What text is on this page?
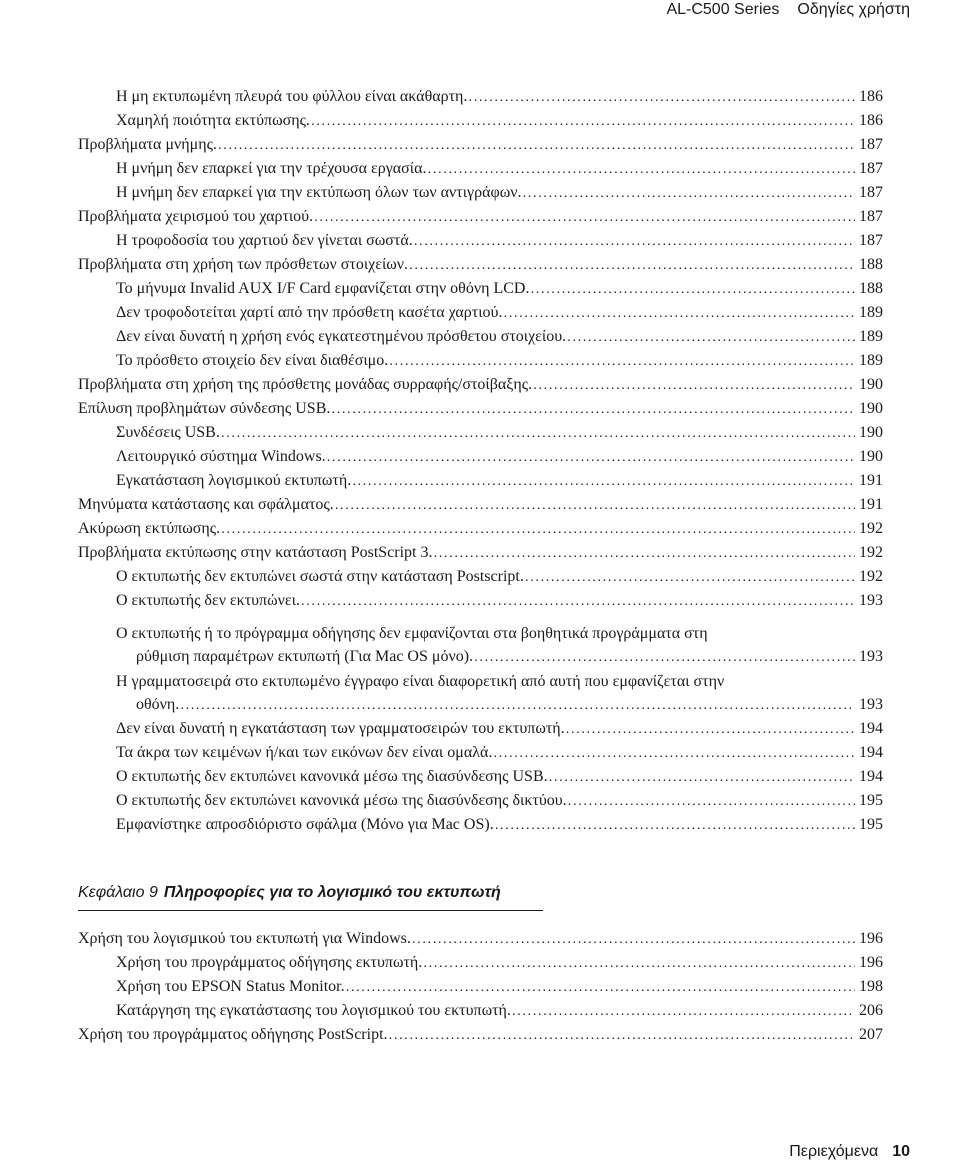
AL-C500 Series Οδηγίες χρήστη
Η μη εκτυπωμένη πλευρά του φύλλου είναι ακάθαρτη. . . .	186
Χαμηλή ποιότητα εκτύπωσης. . . .	186
Προβλήματα μνήμης. . . .	187
Η μνήμη δεν επαρκεί για την τρέχουσα εργασία. . . .	187
Η μνήμη δεν επαρκεί για την εκτύπωση όλων των αντιγράφων. . . .	187
Προβλήματα χειρισμού του χαρτιού. . . .	187
Η τροφοδοσία του χαρτιού δεν γίνεται σωστά. . . .	187
Προβλήματα στη χρήση των πρόσθετων στοιχείων. . . .	188
Το μήνυμα Invalid AUX I/F Card εμφανίζεται στην οθόνη LCD. . . .	188
Δεν τροφοδοτείται χαρτί από την πρόσθετη κασέτα χαρτιού. . . .	189
Δεν είναι δυνατή η χρήση ενός εγκατεστημένου πρόσθετου στοιχείου. . . .	189
Το πρόσθετο στοιχείο δεν είναι διαθέσιμο. . . .	189
Προβλήματα στη χρήση της πρόσθετης μονάδας συρραφής/στοίβαξης. . . .	190
Επίλυση προβλημάτων σύνδεσης USB. . . .	190
Συνδέσεις USB. . . .	190
Λειτουργικό σύστημα Windows. . . .	190
Εγκατάσταση λογισμικού εκτυπωτή. . . .	191
Μηνύματα κατάστασης και σφάλματος. . . .	191
Ακύρωση εκτύπωσης. . . .	192
Προβλήματα εκτύπωσης στην κατάσταση PostScript 3. . . .	192
Ο εκτυπωτής δεν εκτυπώνει σωστά στην κατάσταση Postscript. . . .	192
Ο εκτυπωτής δεν εκτυπώνει. . . .	193
Ο εκτυπωτής ή το πρόγραμμα οδήγησης δεν εμφανίζονται στα βοηθητικά προγράμματα στη
ρύθμιση παραμέτρων εκτυπωτή (Για Mac OS μόνο). . . .	193
Η γραμματοσειρά στο εκτυπωμένο έγγραφο είναι διαφορετική από αυτή που εμφανίζεται στην
οθόνη. . . .	193
Δεν είναι δυνατή η εγκατάσταση των γραμματοσειρών του εκτυπωτή. . . .	194
Τα άκρα των κειμένων ή/και των εικόνων δεν είναι ομαλά. . . .	194
Ο εκτυπωτής δεν εκτυπώνει κανονικά μέσω της διασύνδεσης USB. . . .	194
Ο εκτυπωτής δεν εκτυπώνει κανονικά μέσω της διασύνδεσης δικτύου. . . .	195
Εμφανίστηκε απροσδιόριστο σφάλμα (Μόνο για Mac OS). . . .	195
Κεφάλαιο 9 Πληροφορίες για το λογισμικό του εκτυπωτή
Χρήση του λογισμικού του εκτυπωτή για Windows. . . .	196
Χρήση του προγράμματος οδήγησης εκτυπωτή. . . .	196
Χρήση του EPSON Status Monitor. . . .	198
Κατάργηση της εγκατάστασης του λογισμικού του εκτυπωτή. . . .	206
Χρήση του προγράμματος οδήγησης PostScript. . . .	207
Περιεχόμενα 10
